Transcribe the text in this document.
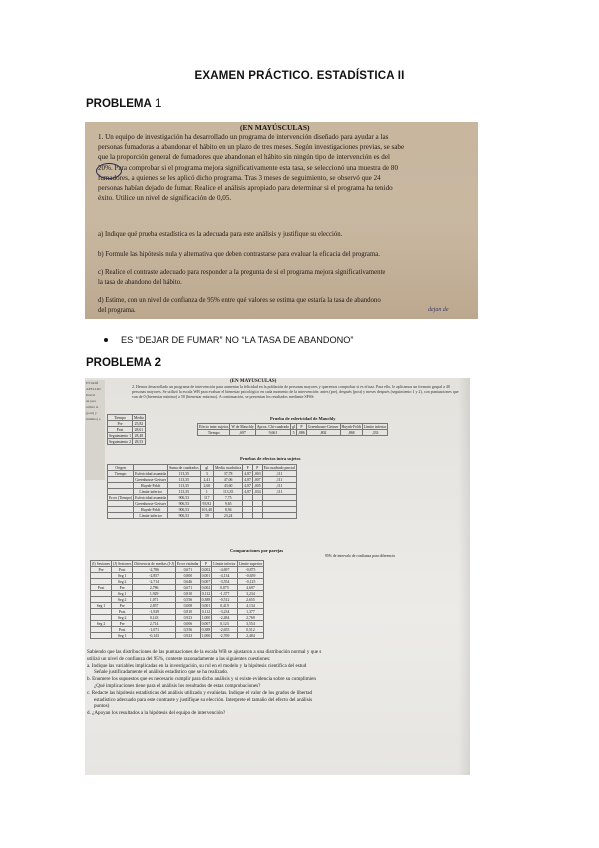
EXAMEN PRÁCTICO. ESTADÍSTICA II
PROBLEMA 1
(EN MAYÚSCULAS)
1. Un equipo de investigación ha desarrollado un programa de intervención diseñado para ayudar a las
personas fumadoras a abandonar el hábito en un plazo de tres meses. Según investigaciones previas, se sabe
que la proporción general de fumadores que abandonan el hábito sin ningún tipo de intervención es del
20%. Para comprobar si el programa mejora significativamente esta tasa, se seleccionó una muestra de 80
fumadores, a quienes se les aplicó dicho programa. Tras 3 meses de seguimiento, se observó que 24
personas habían dejado de fumar. Realice el análisis apropiado para determinar si el programa ha tenido
éxito. Utilice un nivel de significación de 0,05.
a) Indique qué prueba estadística es la adecuada para este análisis y justifique su elección.
b) Formule las hipótesis nula y alternativa que deben contrastarse para evaluar la eficacia del programa.
c) Realice el contraste adecuado para responder a la pregunta de si el programa mejora significativamente
la tasa de abandono del hábito.
d) Estime, con un nivel de confianza de 95% entre qué valores se estima que estaría la tasa de abandono
del programa.	dejan de
ES “DEJAR DE FUMAR” NO “LA TASA DE ABANDONO”
PROBLEMA 2
ESTADÍ
APELLID
Intervi
de pers
utilizó la
(post) y
mínimo) a
(EN MAYÚSCULAS)
2. Hemos desarrollado un programa de intervención para aumentar la felicidad en la población de personas mayores y queremos comprobar si es eficaz. Para ello, le aplicamos un formato grupal a 40 personas mayores. Se utilizó la escala WB para evaluar el bienestar psicológico en cada momento de la intervención: antes (pre), después (post) y meses después (seguimiento 1 y 2), con puntuaciones que van de 0 (bienestar mínimo) a 50 (bienestar máximo). A continuación, se presentan los resultados mediante SPSS:
Tiempo	Media
Pre	25,82
Post	28,61
Seguimiento 1	28,48
Seguimiento 2	28,53
Prueba de esfericidad de Mauchly
Efecto inter sujetos	W de Mauchly	Aprox. Chi-cuadrado	gl	P	Greenhouse-Geisser	Huynh-Feldt	Límite inferior
Tiempo	,697	9,661	5	,086	,802	,868	,333
Pruebas de efectos intra sujetos
Origen		Suma de cuadrados	gl	Media cuadrática	F	P	Eta cuadrado parcial
Tiempo	Esfericidad asumida	113,35	3	37,78	4,87	,003	,111
	Greenhouse-Geisser	113,35	2,41	47,06	4,87	,007	,111
	Huynh-Feldt	113,35	2,60	43,60	4,87	,005	,111
	Límite inferior	113,35	1	113,35	4,87	,034	,111
Error (Tiempo)	Esfericidad asumida	906,53	117	7,75			
	Greenhouse-Geisser	906,53	93,92	9,65			
	Huynh-Feldt	906,53	101,40	8,94			
	Límite inferior	906,53	39	23,24			
Comparaciones por parejas
95% de intervalo de confianza para diferencia
(I) Sesiones	(J) Sesiones	Diferencia de medias (I-J)	Error estándar	P	Límite inferior	Límite superior
Pre	Post	-2,786	0,671	0,002	-4,697	-0,875
	Seg 1	-2,857	0,800	0,001	-4,134	-0,659
	Seg 2	-2,714	0,646	0,007	-3,554	-0,125
Post	Pre	2,786	0,671	0,002	0,875	4,697
	Seg 1	1,929	0,810	0,112	-1,377	3,234
	Seg 2	1,071	0,556	0,388	-0,512	2,655
Seg 1	Pre	2,857	0,008	0,001	0,419	4,134
	Post	-1,929	0,810	0,112	-3,234	1,377
	Seg 2	0,143	0,923	1,000	-2,484	2,769
Seg 2	Pre	2,714	0,006	0,007	0,123	3,554
	Post	-1,071	0,556	0,388	-2,655	0,512
	Seg 1	-0,143	0,923	1,000	-2,769	2,484
Sabiendo que las distribuciones de las puntuaciones de la escala WB se ajustaron a una distribución normal y que s
utilizó un nivel de confianza del 95%, conteste razonadamente a las siguientes cuestiones:
a. Indique las variables implicadas en la investigación, su rol en el modelo y la hipótesis científica del estud
Señale justificadamente el análisis estadístico que se ha realizado.
b. Enumere los supuestos que es necesario cumplir para dicho análisis y si existe evidencia sobre su cumplimien
¿Qué implicaciones tiene para el análisis los resultados de estas comprobaciones?
c. Redacte las hipótesis estadísticas del análisis utilizado y evalúelas. Indique el valor de los grados de libertad
estadístico adecuado para este contraste y justifique su elección. Interprete el tamaño del efecto del análisis
puntos)
d. ¿Apoyan los resultados a la hipótesis del equipo de intervención?
